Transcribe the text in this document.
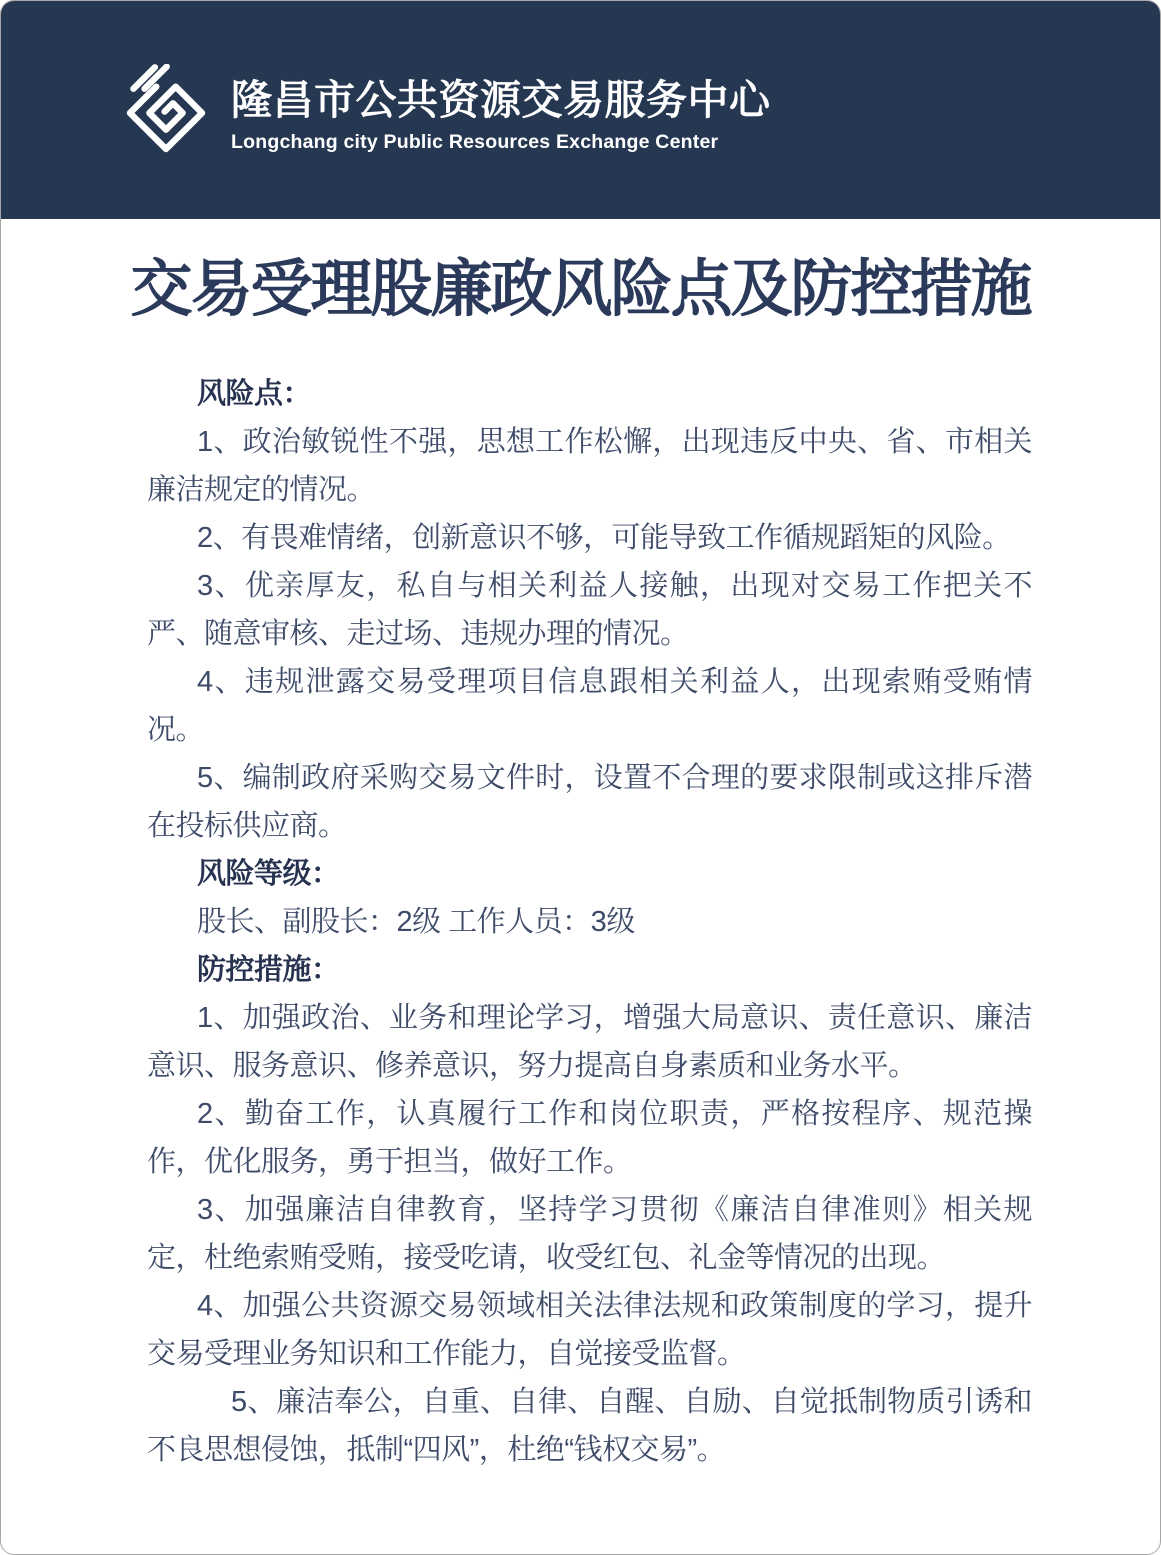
隆昌市公共资源交易服务中心
Longchang city Public Resources Exchange Center
交易受理股廉政风险点及防控措施

风险点：

1、政治敏锐性不强，思想工作松懈，出现违反中央、省、市相关廉洁规定的情况。

2、有畏难情绪，创新意识不够，可能导致工作循规蹈矩的风险。

3、优亲厚友，私自与相关利益人接触，出现对交易工作把关不严、随意审核、走过场、违规办理的情况。

4、违规泄露交易受理项目信息跟相关利益人，出现索贿受贿情况。

5、编制政府采购交易文件时，设置不合理的要求限制或这排斥潜在投标供应商。

风险等级：

股长、副股长：2级 工作人员：3级

防控措施：

1、加强政治、业务和理论学习，增强大局意识、责任意识、廉洁意识、服务意识、修养意识，努力提高自身素质和业务水平。

2、勤奋工作，认真履行工作和岗位职责，严格按程序、规范操作，优化服务，勇于担当，做好工作。

3、加强廉洁自律教育，坚持学习贯彻《廉洁自律准则》相关规定，杜绝索贿受贿，接受吃请，收受红包、礼金等情况的出现。

4、加强公共资源交易领域相关法律法规和政策制度的学习，提升交易受理业务知识和工作能力，自觉接受监督。

5、廉洁奉公，自重、自律、自醒、自励、自觉抵制物质引诱和不良思想侵蚀，抵制“四风”，杜绝“钱权交易”。
